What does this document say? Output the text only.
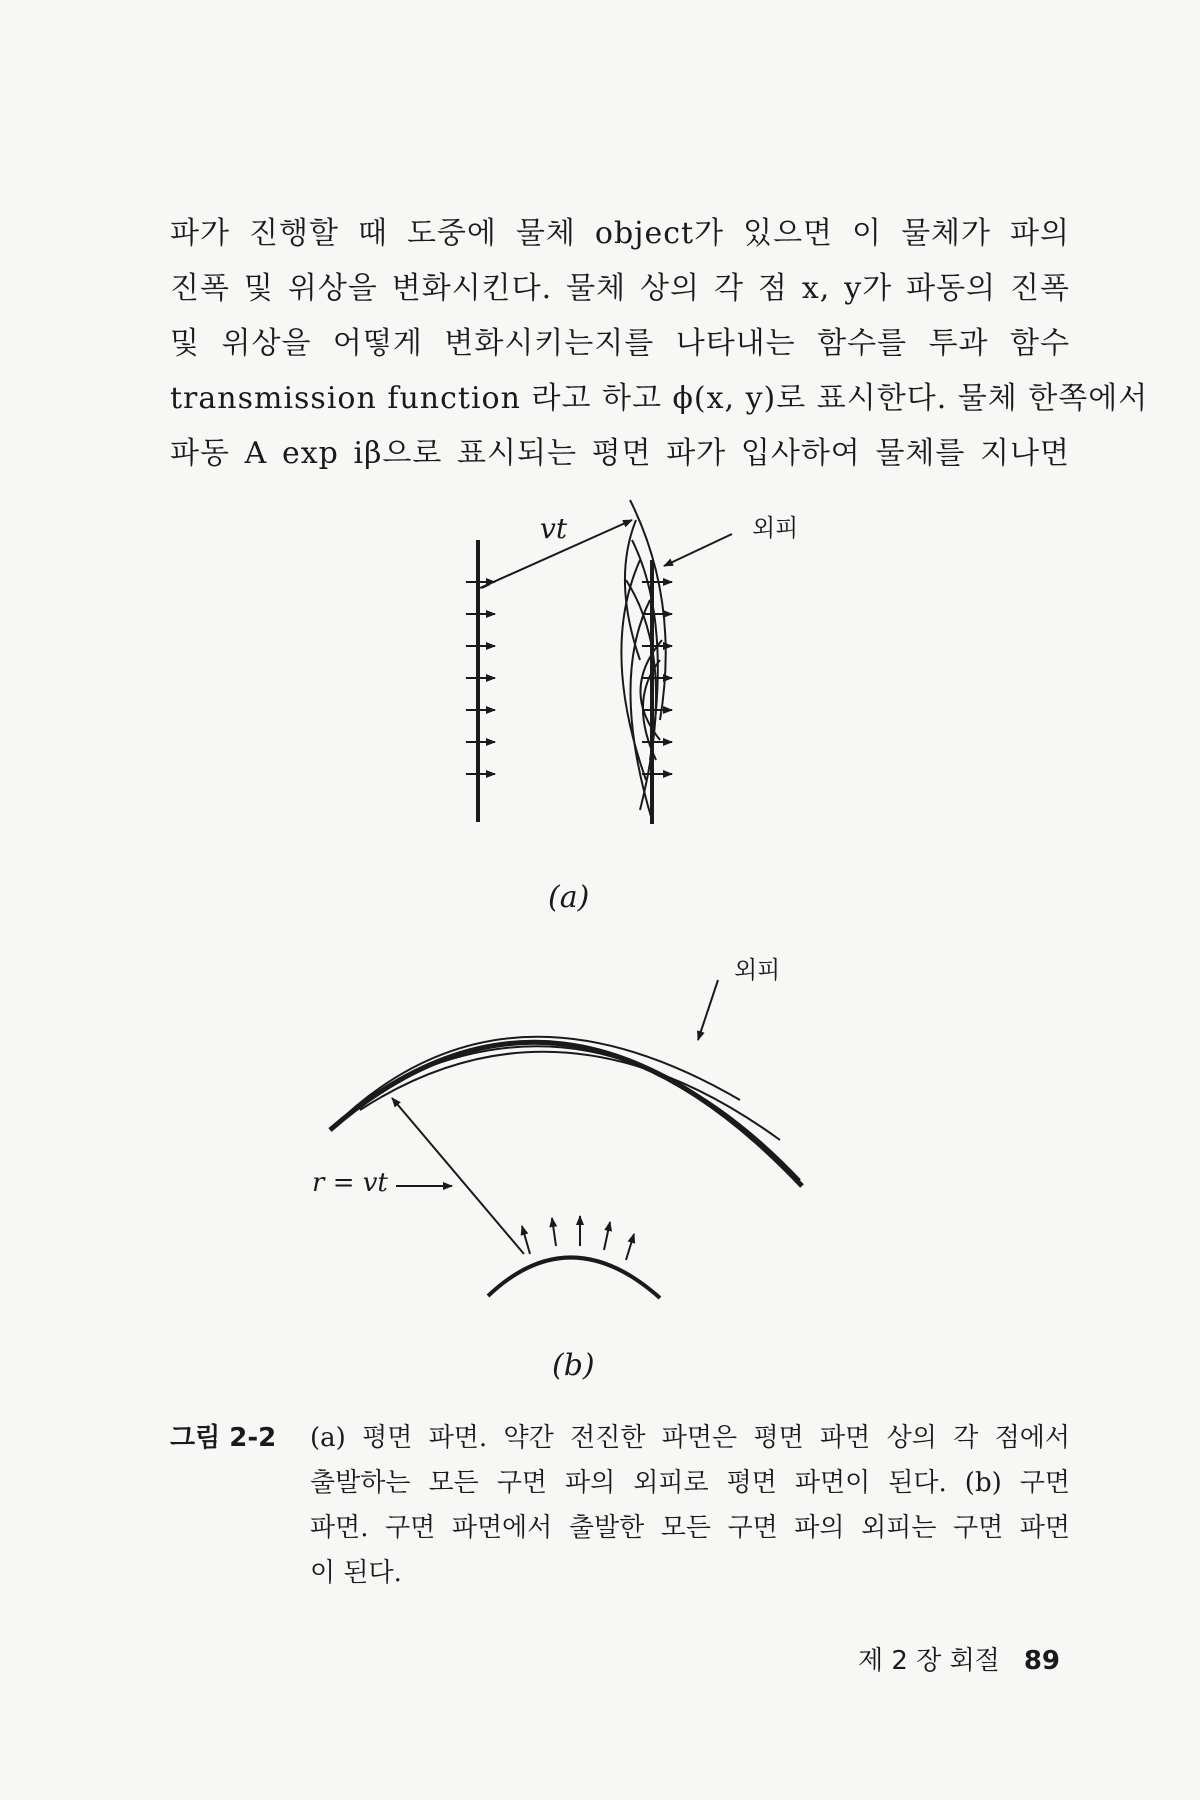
파가 진행할 때 도중에 물체 object가 있으면 이 물체가 파의
진폭 및 위상을 변화시킨다. 물체 상의 각 점 x, y가 파동의 진폭
및 위상을 어떻게 변화시키는지를 나타내는 함수를 투과 함수
transmission function 라고 하고 ϕ(x, y)로 표시한다. 물체 한쪽에서
파동 A exp iβ으로 표시되는 평면 파가 입사하여 물체를 지나면
vt	외피
(a)
외피
r = vt
(b)
그림 2-2 (a) 평면 파면. 약간 전진한 파면은 평면 파면 상의 각 점에서
출발하는 모든 구면 파의 외피로 평면 파면이 된다. (b) 구면
파면. 구면 파면에서 출발한 모든 구면 파의 외피는 구면 파면
이 된다.
제 2 장 회절 89
